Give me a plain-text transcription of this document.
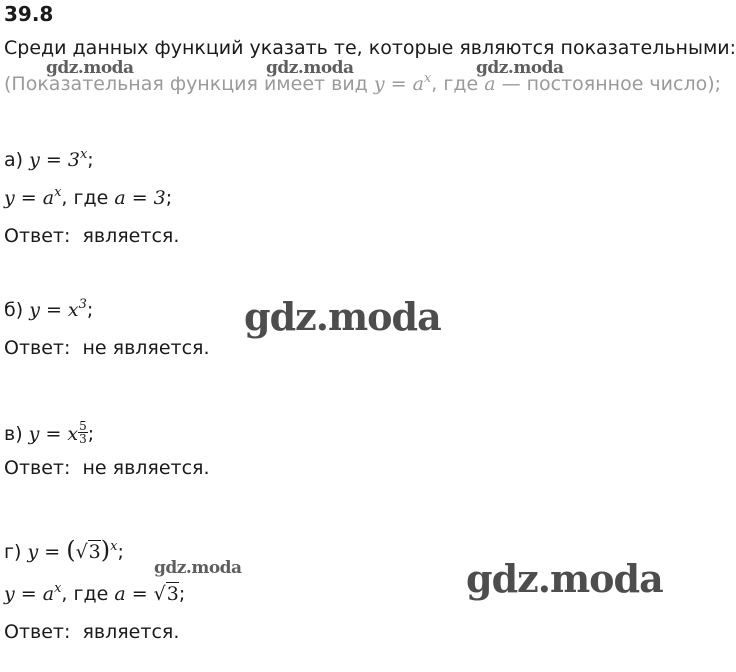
39.8
Среди данных функций указать те, которые являются показательными:
(Показательная функция имеет вид $y = a^x$, где a — постоянное число);
а) $y = 3^x$;
$y = a^x$, где a = 3;
Ответ: является.
б) $y = x^3$;
Ответ: не является.
в) y = x $\frac{5}{3}$ ;
Ответ: не является.
г) $y = (√3)^x$;
$y = a^x$, где a = √3;
Ответ: является.
gdz.moda	gdz.moda	gdz.moda
gdz.moda
gdz.moda	gdz.moda
